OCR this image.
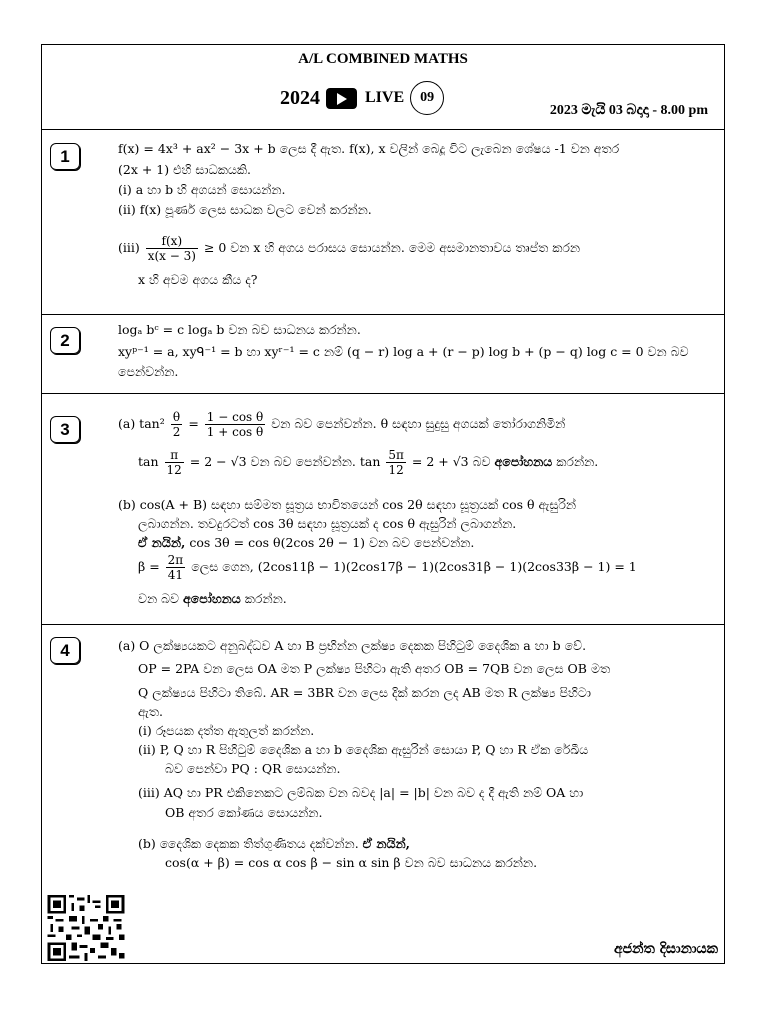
A/L COMBINED MATHS
2024	LIVE	09
2023 මැයි 03 බදාදා - 8.00 pm
1	f(x) = 4x³ + ax² − 3x + b ලෙස දී ඇත. f(x), x වලින් බෙදූ විට ලැබෙන ශේෂය -1 වන අතර
(2x + 1) එහි සාධකයකි.
(i) a හා b හි අගයන් සොයන්න.
(ii) f(x) පූර්ණ ලෙස සාධක වලට වෙන් කරන්න.
$(iii) \frac{f(x)}{x(x - 3)} \ge 0$ වන x හි අගය පරාසය සොයන්න. මෙම අසමානතාවය තෘප්ත කරන
x හි අවම අගය කීය ද?
2
logₐ bᶜ = c logₐ b වන බව සාධනය කරන්න.
xyᵖ⁻¹ = a, xyᑫ⁻¹ = b හා xyʳ⁻¹ = c නම් (q − r) log a + (r − p) log b + (p − q) log c = 0 වන බව
පෙන්වන්න.
3	(a) $\tan^2 \frac{\theta}{2} = \frac{\text{1 − cos θ}}{\text{1 + cos θ}}$ වන බව පෙන්වන්න. θ සඳහා සුදුසු අගයක් තෝරාගනිමින්
$\tan \frac{\pi}{12} = 2 - √3$ වන බව පෙන්වන්න. $\tan \frac{5\pi}{12} = 2 + √3$ බව අපෝහනය කරන්න.
(b) cos(A + B) සඳහා සම්මත සූත්‍රය භාවිතයෙන් cos 2θ සඳහා සූත්‍රයක් cos θ ඇසුරින්
ලබාගන්න. තවදුරටත් cos 3θ සඳහා සූත්‍රයක් ද cos θ ඇසුරින් ලබාගන්න.
ඒ නයින්, cos 3θ = cos θ(2cos 2θ − 1) වන බව පෙන්වන්න.
$\beta = \frac{2\pi}{41}$ ලෙස ගෙන, (2cos11β − 1)(2cos17β − 1)(2cos31β − 1)(2cos33β − 1) = 1
වන බව අපෝහනය කරන්න.
4	(a) O ලක්ෂ්‍යයකට අනුබද්ධව A හා B ප්‍රභින්න ලක්ෂ්‍ය දෙකක පිහිටුම් දෛශික a හා b වේ.
OP = 2PA වන ලෙස OA මත P ලක්ෂ්‍ය පිහිටා ඇති අතර OB = 7QB වන ලෙස OB මත
Q ලක්ෂ්‍යය පිහිටා තිබේ. AR = 3BR වන ලෙස දික් කරන ලද AB මත R ලක්ෂ්‍ය පිහිටා
ඇත.
(i) රූපයක දත්ත ඇතුලත් කරන්න.
(ii) P, Q හා R පිහිටුම් දෛශික a හා b දෛශික ඇසුරින් සොයා P, Q හා R ඒක රේඛීය
බව පෙන්වා PQ : QR සොයන්න.
(iii) AQ හා PR එකිනෙකට ලම්බක වන බවද |a| = |b| වන බව ද දී ඇති නම් OA හා
OB අතර කෝණය සොයන්න.
(b) දෛශික දෙකක තිත්ගුණිතය දක්වන්න. ඒ නයින්,
cos(α + β) = cos α cos β − sin α sin β වන බව සාධනය කරන්න.
අජන්ත දිසානායක
